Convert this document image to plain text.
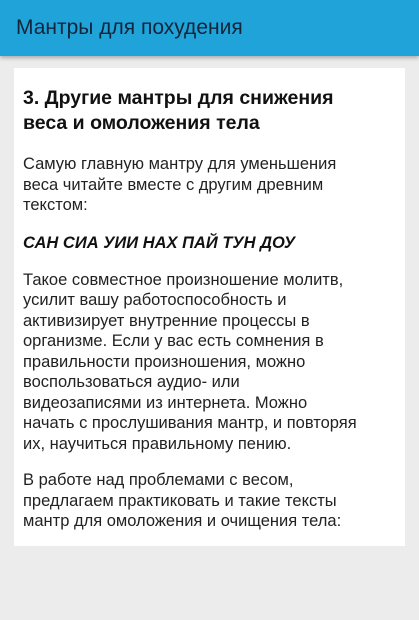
Мантры для похудения
3. Другие мантры для снижения
веса и омоложения тела

Самую главную мантру для уменьшения
веса читайте вместе с другим древним
текстом:

САН СИА УИИ НАХ ПАЙ ТУН ДОУ

Такое совместное произношение молитв,
усилит вашу работоспособность и
активизирует внутренние процессы в
организме. Если у вас есть сомнения в
правильности произношения, можно
воспользоваться аудио- или
видеозаписями из интернета. Можно
начать с прослушивания мантр, и повторяя
их, научиться правильному пению.

В работе над проблемами с весом,
предлагаем практиковать и такие тексты
мантр для омоложения и очищения тела:
